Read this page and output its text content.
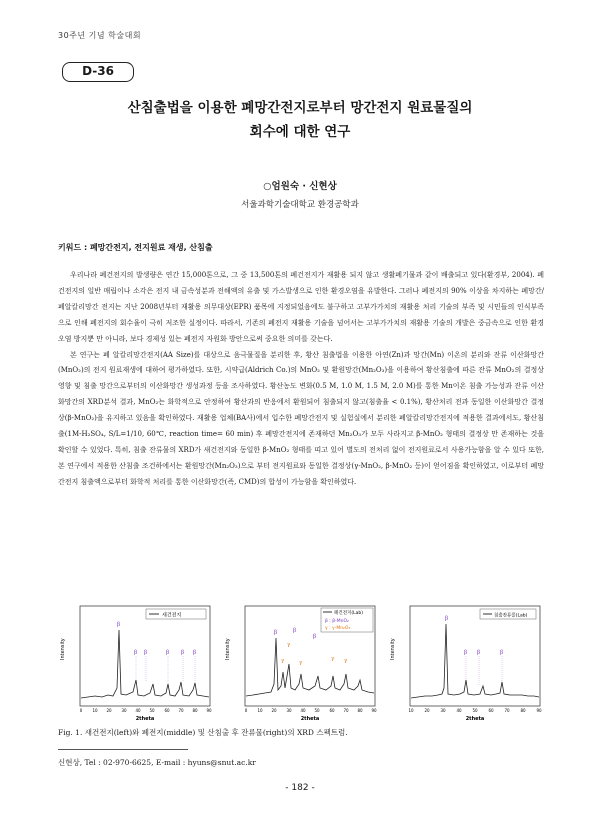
30주년 기념 학술대회
D-36
산침출법을 이용한 폐망간전지로부터 망간전지 원료물질의
회수에 대한 연구
○엄원숙 · 신현상
서울과학기술대학교 환경공학과
키워드 : 폐망간전지, 전지원료 재생, 산침출

우리나라 폐건전지의 발생량은 연간 15,000톤으로, 그 중 13,500톤의 폐건전지가 재활용 되지 않고 생활폐기물과 같이 배출되고 있다(환경부, 2004). 폐건전지의 일반 매립이나 소각은 전지 내 금속성분과 전해액의 유출 및 가스발생으로 인한 환경오염을 유발한다. 그러나 폐전지의 90% 이상을 차지하는 폐망간/폐알칼리망간 전지는 지난 2008년부터 재활용 의무대상(EPR) 품목에 지정되었음에도 불구하고 고부가가치의 재활용 처리 기술의 부족 및 시민들의 인식부족으로 인해 폐전지의 회수율이 극히 저조한 실정이다. 따라서, 기존의 폐전지 재활용 기술을 넘어서는 고부가가치의 재활용 기술의 개발은 중금속으로 인한 환경오염 방지뿐 만 아니라, 보다 경제성 있는 폐전지 자원화 방안으로써 중요한 의미를 갖는다.

본 연구는 폐 알칼리망간전지(AA Size)를 대상으로 음극물질을 분리한 후, 황산 침출법을 이용한 아연(Zn)과 망간(Mn) 이온의 분리와 잔류 이산화망간(MnO₂)의 전지 원료재생에 대하여 평가하였다. 또한, 시약급(Aldrich Co.)의 MnO₂ 및 환원망간(Mn₂O₃)을 이용하여 황산침출에 따른 잔류 MnO₂의 결정상 영향 및 침출 망간으로부터의 이산화망간 생성과정 등을 조사하였다. 황산농도 변화(0.5 M, 1.0 M, 1.5 M, 2.0 M)를 통한 Mn이온 침출 가능성과 잔류 이산화망간의 XRD분석 결과, MnO₂는 화학적으로 안정하여 황산과의 반응에서 환원되어 침출되지 않고(침출율 < 0.1%), 황산처리 전과 동일한 이산화망간 결정상(β-MnO₂)을 유지하고 있음을 확인하였다. 재활용 업체(BA사)에서 입수한 폐망간전지 및 실험실에서 분리한 폐알칼리망간전지에 적용한 결과에서도, 황산침출(1M-H₂SO₄, S/L=1/10, 60℃, reaction time= 60 min) 후 폐망간전지에 존재하던 Mn₂O₃가 모두 사라지고 β-MnO₂ 형태의 결정상 만 존재하는 것을 확인할 수 있었다. 특히, 침출 잔류물의 XRD가 새건전지와 동일한 β-MnO₂ 형태를 띠고 있어 별도의 전처리 없이 전지원료로서 사용가능함을 알 수 있다 또한, 본 연구에서 적용한 산침출 조건하에서는 환원망간(Mn₂O₃)으로 부터 전지원료와 동일한 결정상(γ-MnO₂, β-MnO₂ 등)이 얻어짐을 확인하였고, 이로부터 폐망간전지 침출액으로부터 화학적 처리를 통한 이산화망간(즉, CMD)의 합성이 가능함을 확인하였다.

새건전지
β
β β	β β β
Intensity
0	10 20 30 40 50 60 70 80 90
2theta
폐건전지(Lab)
β : β-MnO₂
γ : γ-Mn₂O₃
β	β
β
γ
γ
γ
γ γ
Intensity
0	10 20 30 40 50 60 70 80 90
2theta
침출잔류물(Lab)
β
β β	β
Intensity
10	20	30	40	50	60	70	80	90
2theta
Fig. 1. 새건전지(left)와 폐전지(middle) 및 산침출 후 잔류물(right)의 XRD 스펙트럼.
신현상, Tel : 02-970-6625, E-mail : hyuns@snut.ac.kr
- 182 -
